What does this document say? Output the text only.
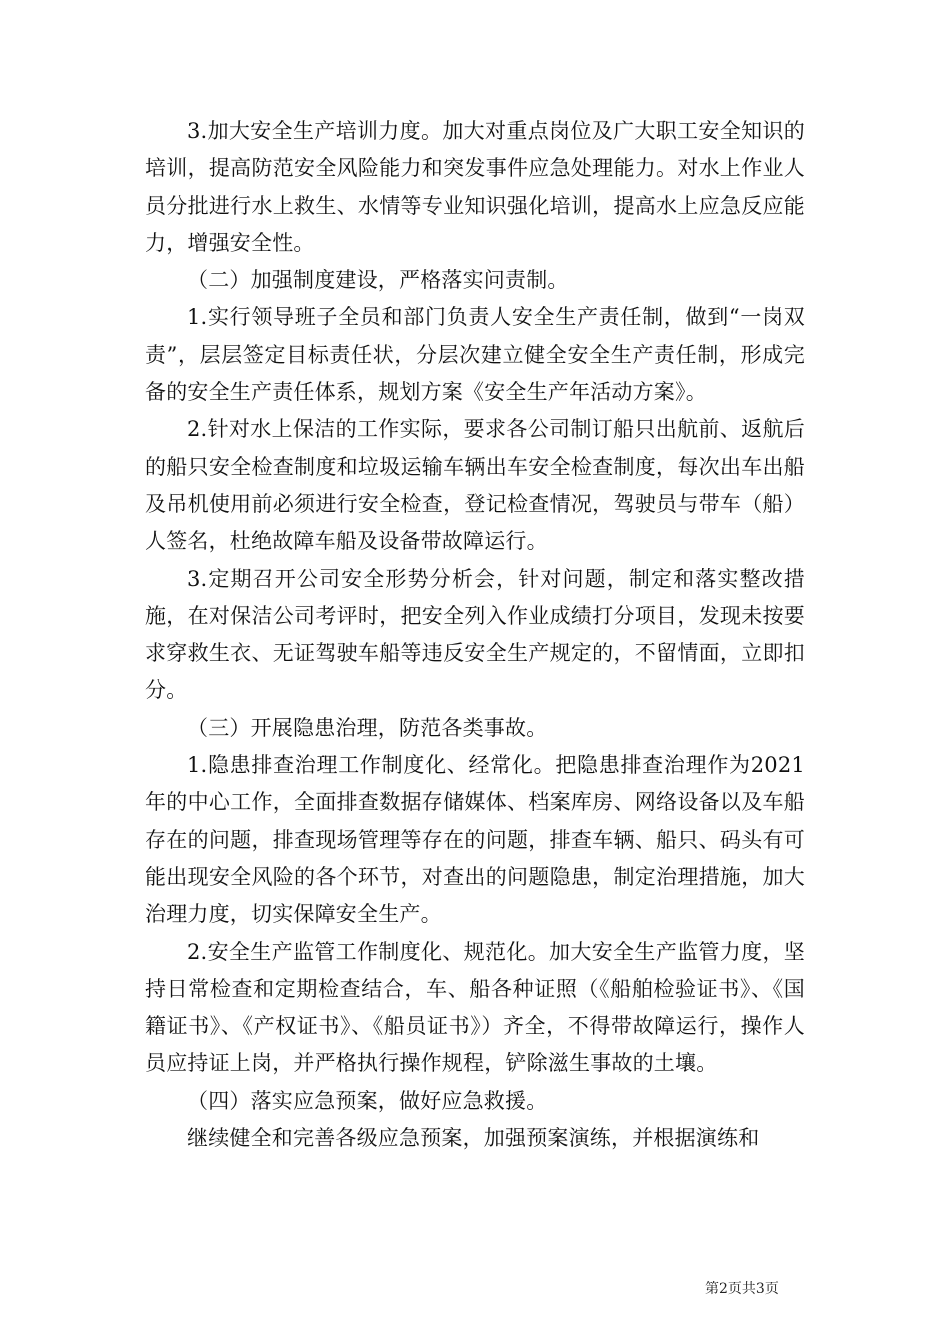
3.加大安全生产培训力度。加大对重点岗位及广大职工安全知识的培训，提高防范安全风险能力和突发事件应急处理能力。对水上作业人员分批进行水上救生、水情等专业知识强化培训，提高水上应急反应能力，增强安全性。

（二）加强制度建设，严格落实问责制。

1.实行领导班子全员和部门负责人安全生产责任制，做到“一岗双责”，层层签定目标责任状，分层次建立健全安全生产责任制，形成完备的安全生产责任体系，规划方案《安全生产年活动方案》。

2.针对水上保洁的工作实际，要求各公司制订船只出航前、返航后的船只安全检查制度和垃圾运输车辆出车安全检查制度，每次出车出船及吊机使用前必须进行安全检查，登记检查情况，驾驶员与带车（船）人签名，杜绝故障车船及设备带故障运行。

3.定期召开公司安全形势分析会，针对问题，制定和落实整改措施，在对保洁公司考评时，把安全列入作业成绩打分项目，发现未按要求穿救生衣、无证驾驶车船等违反安全生产规定的，不留情面，立即扣分。

（三）开展隐患治理，防范各类事故。

1.隐患排查治理工作制度化、经常化。把隐患排查治理作为2021年的中心工作，全面排查数据存储媒体、档案库房、网络设备以及车船存在的问题，排查现场管理等存在的问题，排查车辆、船只、码头有可能出现安全风险的各个环节，对查出的问题隐患，制定治理措施，加大治理力度，切实保障安全生产。

2.安全生产监管工作制度化、规范化。加大安全生产监管力度，坚持日常检查和定期检查结合，车、船各种证照（《船舶检验证书》、《国籍证书》、《产权证书》、《船员证书》）齐全，不得带故障运行，操作人员应持证上岗，并严格执行操作规程，铲除滋生事故的土壤。

（四）落实应急预案，做好应急救援。

继续健全和完善各级应急预案，加强预案演练，并根据演练和

第2页共3页
